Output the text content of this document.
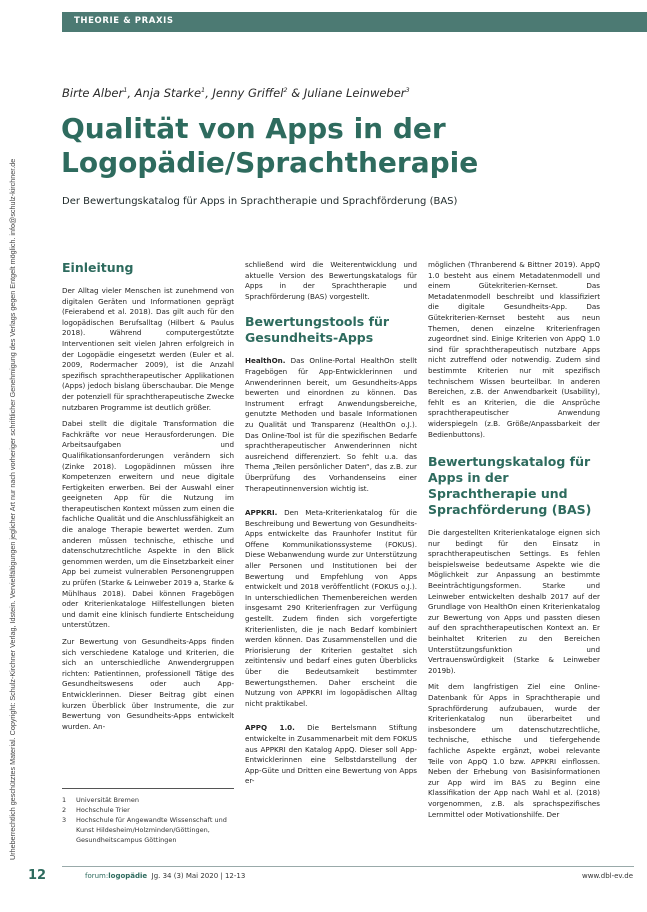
THEORIE & PRAXIS
Urheberrechtlich geschütztes Material. Copyright: Schulz-Kirchner Verlag, Idstein. Vervielfältigungen jeglicher Art nur nach vorheriger schriftlicher Genehmigung des Verlags gegen Entgelt möglich. info@schulz-kirchner.de
Birte Alber$^1$, Anja Starke$^1$, Jenny Griffel$^2$ & Juliane Leinweber$^3$
Qualität von Apps in der
Logopädie/Sprachtherapie
Der Bewertungskatalog für Apps in Sprachtherapie und Sprachförderung (BAS)
Einleitung

Der Alltag vieler Menschen ist zunehmend von digitalen Geräten und Informationen geprägt (Feierabend et al. 2018). Das gilt auch für den logopädischen Berufsalltag (Hilbert & Paulus 2018). Während computergestützte Interventionen seit vielen Jahren erfolgreich in der Logopädie eingesetzt werden (Euler et al. 2009, Rodermacher 2009), ist die Anzahl spezifisch sprachtherapeutischer Applikationen (Apps) jedoch bislang überschaubar. Die Menge der potenziell für sprachtherapeutische Zwecke nutzbaren Programme ist deutlich größer.

Dabei stellt die digitale Transformation die Fachkräfte vor neue Herausforderungen. Die Arbeitsaufgaben und Qualifikationsanforderungen verändern sich (Zinke 2018). Logopädinnen müssen ihre Kompetenzen erweitern und neue digitale Fertigkeiten erwerben. Bei der Auswahl einer geeigneten App für die Nutzung im therapeutischen Kontext müssen zum einen die fachliche Qualität und die Anschlussfähigkeit an die analoge Therapie bewertet werden. Zum anderen müssen technische, ethische und datenschutzrechtliche Aspekte in den Blick genommen werden, um die Einsetzbarkeit einer App bei zumeist vulnerablen Personengruppen zu prüfen (Starke & Leinweber 2019 a, Starke & Mühlhaus 2018). Dabei können Fragebögen oder Kriterienkataloge Hilfestellungen bieten und damit eine klinisch fundierte Entscheidung unterstützen.

Zur Bewertung von Gesundheits-Apps finden sich verschiedene Kataloge und Kriterien, die sich an unterschiedliche Anwendergruppen richten: Patientinnen, professionell Tätige des Gesundheitswesens oder auch App-Entwicklerinnen. Dieser Beitrag gibt einen kurzen Überblick über Instrumente, die zur Bewertung von Gesundheits-Apps entwickelt wurden. An-

1	Universität Bremen
2	Hochschule Trier
3	Hochschule für Angewandte Wissenschaft und Kunst Hildesheim/Holzminden/Göttingen, Gesundheitscampus Göttingen

schließend wird die Weiterentwicklung und aktuelle Version des Bewertungskatalogs für Apps in der Sprachtherapie und Sprachförderung (BAS) vorgestellt.

Bewertungstools für Gesundheits-Apps

HealthOn. Das Online-Portal HealthOn stellt Fragebögen für App-Entwicklerinnen und Anwenderinnen bereit, um Gesundheits-Apps bewerten und einordnen zu können. Das Instrument erfragt Anwendungsbereiche, genutzte Methoden und basale Informationen zu Qualität und Transparenz (HealthOn o.J.). Das Online-Tool ist für die spezifischen Bedarfe sprachtherapeutischer Anwenderinnen nicht ausreichend differenziert. So fehlt u.a. das Thema „Teilen persönlicher Daten“, das z.B. zur Überprüfung des Vorhandenseins einer Therapeutinnenversion wichtig ist.

APPKRI. Den Meta-Kriterienkatalog für die Beschreibung und Bewertung von Gesundheits-Apps entwickelte das Fraunhofer Institut für Offene Kommunikationssysteme (FOKUS). Diese Webanwendung wurde zur Unterstützung aller Personen und Institutionen bei der Bewertung und Empfehlung von Apps entwickelt und 2018 veröffentlicht (FOKUS o.J.). In unterschiedlichen Themenbereichen werden insgesamt 290 Kriterienfragen zur Verfügung gestellt. Zudem finden sich vorgefertigte Kriterienlisten, die je nach Bedarf kombiniert werden können. Das Zusammenstellen und die Priorisierung der Kriterien gestaltet sich zeitintensiv und bedarf eines guten Überblicks über die Bedeutsamkeit bestimmter Bewertungsthemen. Daher erscheint die Nutzung von APPKRI im logopädischen Alltag nicht praktikabel.

APPQ 1.0. Die Bertelsmann Stiftung entwickelte in Zusammenarbeit mit dem FOKUS aus APPKRI den Katalog AppQ. Dieser soll App-Entwicklerinnen eine Selbstdarstellung der App-Güte und Dritten eine Bewertung von Apps er-

möglichen (Thranberend & Bittner 2019). AppQ 1.0 besteht aus einem Metadatenmodell und einem Gütekriterien-Kernset. Das Metadatenmodell beschreibt und klassifiziert die digitale Gesundheits-App. Das Gütekriterien-Kernset besteht aus neun Themen, denen einzelne Kriterienfragen zugeordnet sind. Einige Kriterien von AppQ 1.0 sind für sprachtherapeutisch nutzbare Apps nicht zutreffend oder notwendig. Zudem sind bestimmte Kriterien nur mit spezifisch technischem Wissen beurteilbar. In anderen Bereichen, z.B. der Anwendbarkeit (Usability), fehlt es an Kriterien, die die Ansprüche sprachtherapeutischer Anwendung widerspiegeln (z.B. Größe/Anpassbarkeit der Bedienbuttons).

Bewertungskatalog für Apps in der Sprachtherapie und Sprachförderung (BAS)

Die dargestellten Kriterienkataloge eignen sich nur bedingt für den Einsatz in sprachtherapeutischen Settings. Es fehlen beispielsweise bedeutsame Aspekte wie die Möglichkeit zur Anpassung an bestimmte Beeinträchtigungsformen. Starke und Leinweber entwickelten deshalb 2017 auf der Grundlage von HealthOn einen Kriterienkatalog zur Bewertung von Apps und passten diesen auf den sprachtherapeutischen Kontext an. Er beinhaltet Kriterien zu den Bereichen Unterstützungsfunktion und Vertrauenswürdigkeit (Starke & Leinweber 2019b).

Mit dem langfristigen Ziel eine Online-Datenbank für Apps in Sprachtherapie und Sprachförderung aufzubauen, wurde der Kriterienkatalog nun überarbeitet und insbesondere um datenschutzrechtliche, technische, ethische und tiefergehende fachliche Aspekte ergänzt, wobei relevante Teile von AppQ 1.0 bzw. APPKRI einflossen. Neben der Erhebung von Basisinformationen zur App wird im BAS zu Beginn eine Klassifikation der App nach Wahl et al. (2018) vorgenommen, z.B. als sprachspezifisches Lernmittel oder Motivationshilfe. Der

12	forum:logopädie Jg. 34 (3) Mai 2020 | 12-13	www.dbl-ev.de
